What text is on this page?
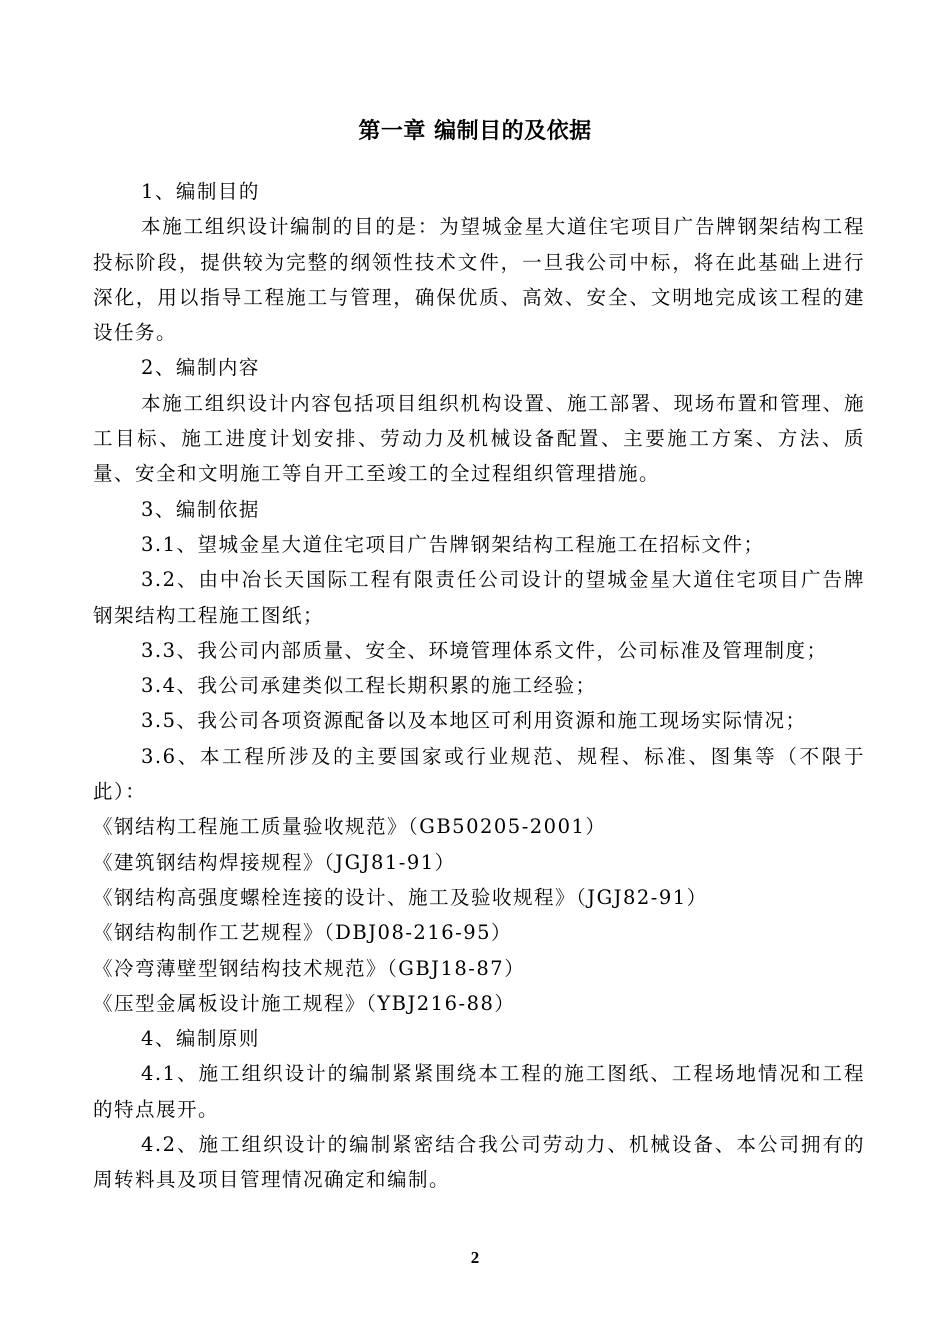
第一章 编制目的及依据

1、编制目的

本施工组织设计编制的目的是：为望城金星大道住宅项目广告牌钢架结构工程投标阶段，提供较为完整的纲领性技术文件，一旦我公司中标，将在此基础上进行深化，用以指导工程施工与管理，确保优质、高效、安全、文明地完成该工程的建设任务。

2、编制内容

本施工组织设计内容包括项目组织机构设置、施工部署、现场布置和管理、施工目标、施工进度计划安排、劳动力及机械设备配置、主要施工方案、方法、质量、安全和文明施工等自开工至竣工的全过程组织管理措施。

3、编制依据

3.1、望城金星大道住宅项目广告牌钢架结构工程施工在招标文件；

3.2、由中冶长天国际工程有限责任公司设计的望城金星大道住宅项目广告牌钢架结构工程施工图纸；

3.3、我公司内部质量、安全、环境管理体系文件，公司标准及管理制度；

3.4、我公司承建类似工程长期积累的施工经验；

3.5、我公司各项资源配备以及本地区可利用资源和施工现场实际情况；

3.6、本工程所涉及的主要国家或行业规范、规程、标准、图集等（不限于此）：

《钢结构工程施工质量验收规范》（GB50205-2001）

《建筑钢结构焊接规程》（JGJ81-91）

《钢结构高强度螺栓连接的设计、施工及验收规程》（JGJ82-91）

《钢结构制作工艺规程》（DBJ08-216-95）

《冷弯薄壁型钢结构技术规范》（GBJ18-87）

《压型金属板设计施工规程》（YBJ216-88）

4、编制原则

4.1、施工组织设计的编制紧紧围绕本工程的施工图纸、工程场地情况和工程的特点展开。

4.2、施工组织设计的编制紧密结合我公司劳动力、机械设备、本公司拥有的周转料具及项目管理情况确定和编制。

2
